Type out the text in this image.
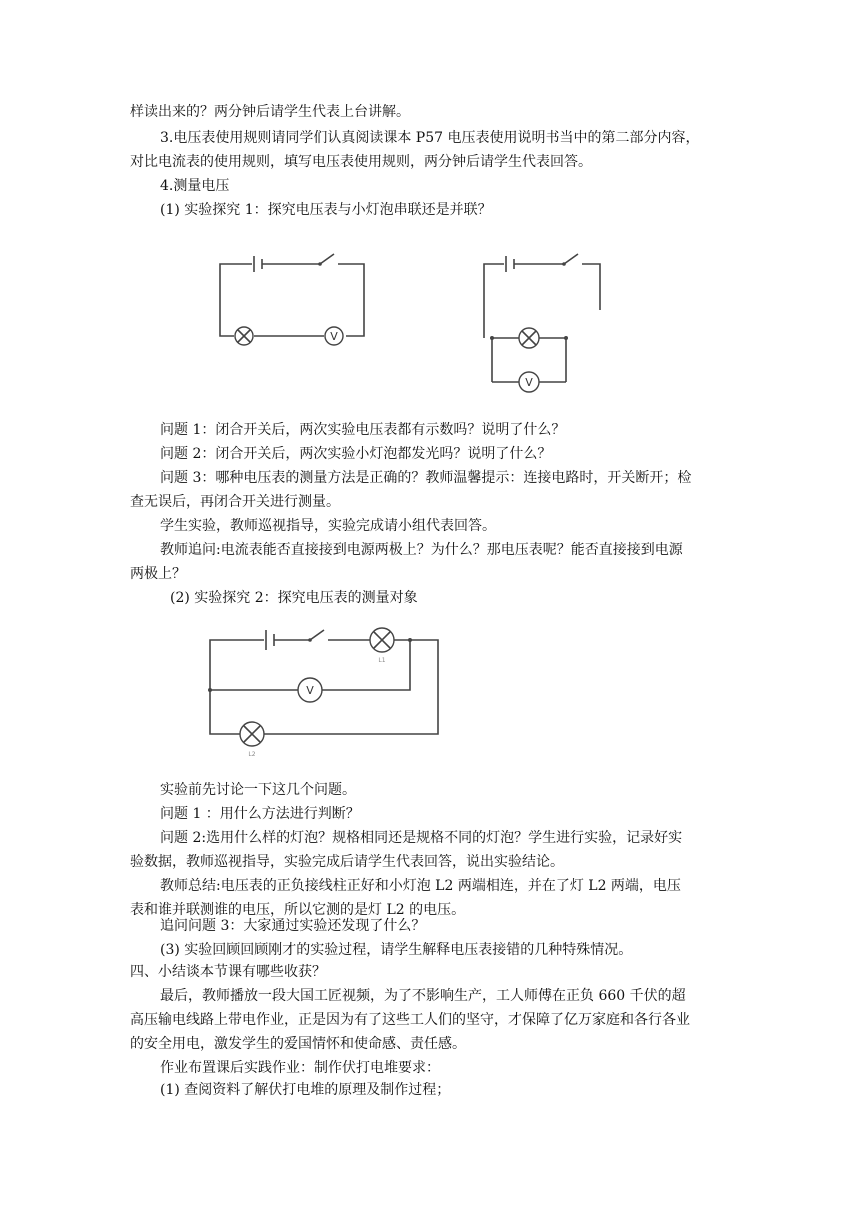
样读出来的？两分钟后请学生代表上台讲解。
3.电压表使用规则请同学们认真阅读课本 P57 电压表使用说明书当中的第二部分内容，
对比电流表的使用规则，填写电压表使用规则，两分钟后请学生代表回答。
4.测量电压
(1) 实验探究 1：探究电压表与小灯泡串联还是并联？
V
V
问题 1：闭合开关后，两次实验电压表都有示数吗？说明了什么？
问题 2：闭合开关后，两次实验小灯泡都发光吗？说明了什么？
问题 3：哪种电压表的测量方法是正确的？教师温馨提示：连接电路时，开关断开；检
查无误后，再闭合开关进行测量。
学生实验，教师巡视指导，实验完成请小组代表回答。
教师追问:电流表能否直接接到电源两极上？为什么？那电压表呢？能否直接接到电源
两极上？
(2) 实验探究 2：探究电压表的测量对象
L1
V
L2
实验前先讨论一下这几个问题。
问题 1 ：用什么方法进行判断？
问题 2:选用什么样的灯泡？规格相同还是规格不同的灯泡？学生进行实验，记录好实
验数据，教师巡视指导，实验完成后请学生代表回答，说出实验结论。
教师总结:电压表的正负接线柱正好和小灯泡 L2 两端相连，并在了灯 L2 两端，电压
表和谁并联测谁的电压，所以它测的是灯 L2 的电压。
追问问题 3：大家通过实验还发现了什么？
(3) 实验回顾回顾刚才的实验过程，请学生解释电压表接错的几种特殊情况。
四、小结谈本节课有哪些收获？
最后，教师播放一段大国工匠视频，为了不影响生产，工人师傅在正负 660 千伏的超
高压输电线路上带电作业，正是因为有了这些工人们的坚守，才保障了亿万家庭和各行各业
的安全用电，激发学生的爱国情怀和使命感、责任感。
作业布置课后实践作业：制作伏打电堆要求：
(1) 查阅资料了解伏打电堆的原理及制作过程；
